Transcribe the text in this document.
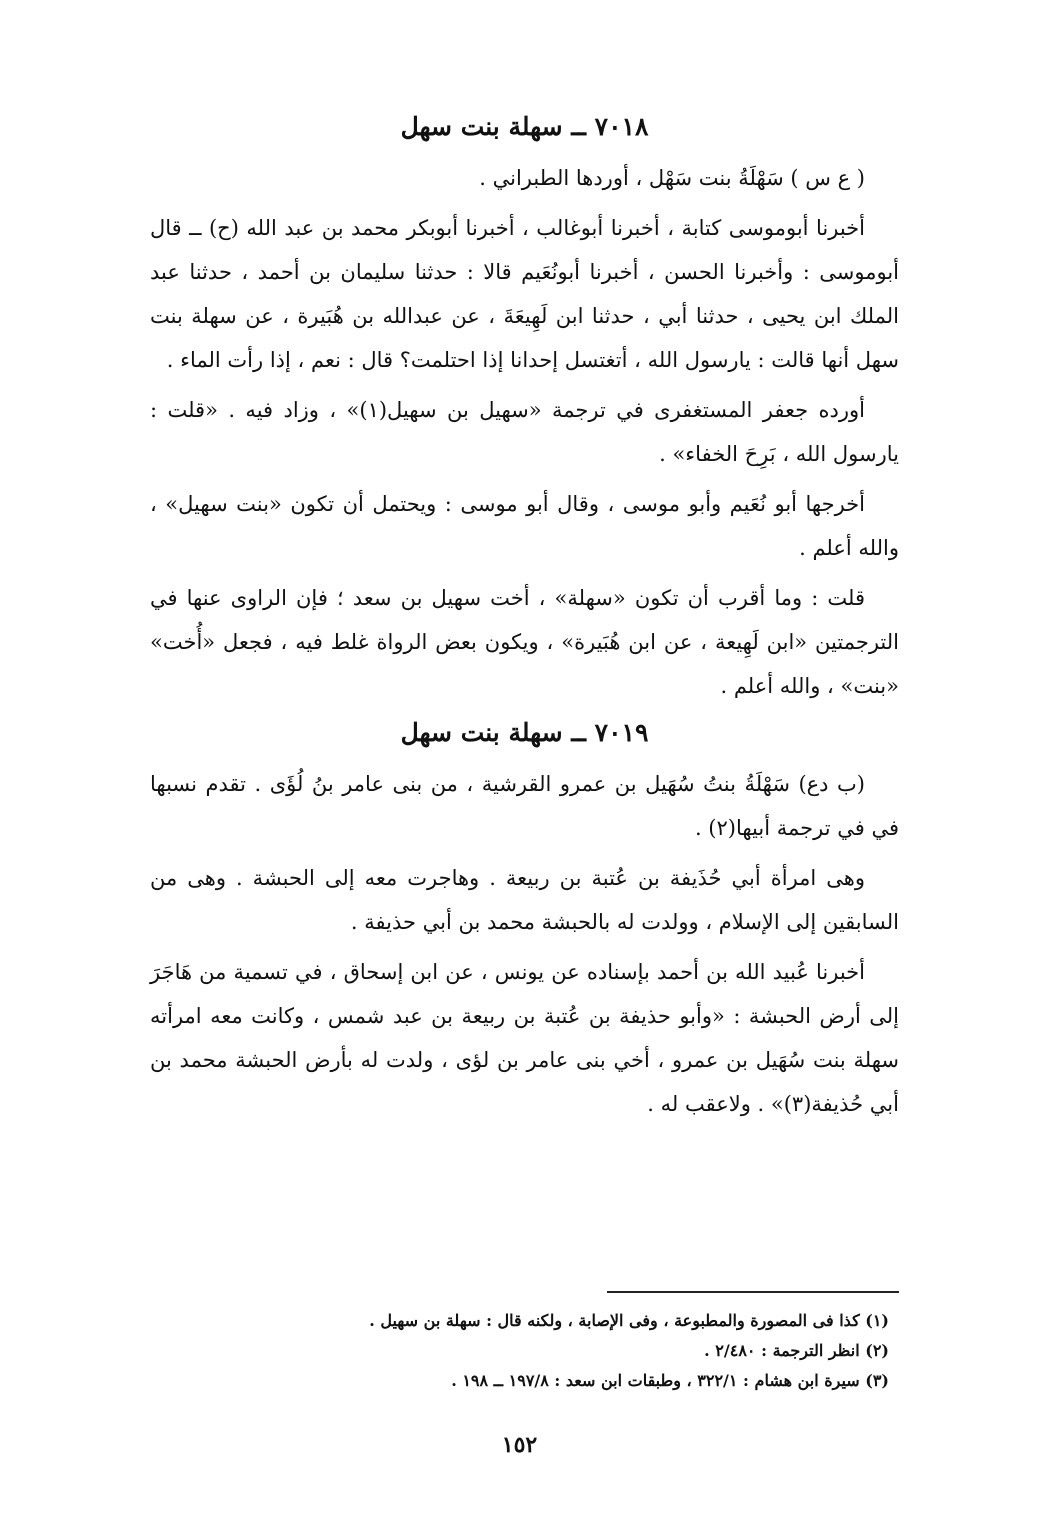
٧٠١٨ ــ سهلة بنت سهل

( ع س ) سَهْلَةُ بنت سَهْل ، أوردها الطبراني .

أخبرنا أبوموسى كتابة ، أخبرنا أبوغالب ، أخبرنا أبوبكر محمد بن عبد الله (ح) ــ قال أبوموسى : وأخبرنا الحسن ، أخبرنا أبونُعَيم قالا : حدثنا سليمان بن أحمد ، حدثنا عبد الملك ابن يحيى ، حدثنا أبي ، حدثنا ابن لَهِيعَةَ ، عن عبدالله بن هُبَيرة ، عن سهلة بنت سهل أنها قالت : يارسول الله ، أتغتسل إحدانا إذا احتلمت؟ قال : نعم ، إذا رأت الماء .

أورده جعفر المستغفرى في ترجمة «سهيل بن سهيل(١)» ، وزاد فيه . «قلت : يارسول الله ، بَرِحَ الخفاء» .

أخرجها أبو نُعَيم وأبو موسى ، وقال أبو موسى : ويحتمل أن تكون «بنت سهيل» ، والله أعلم .

قلت : وما أقرب أن تكون «سهلة» ، أخت سهيل بن سعد ؛ فإن الراوى عنها في الترجمتين «ابن لَهِيعة ، عن ابن هُبَيرة» ، ويكون بعض الرواة غلط فيه ، فجعل «أُخت» «بنت» ، والله أعلم .

٧٠١٩ ــ سهلة بنت سهل

(ب دع) سَهْلَةُ بنتُ سُهَيل بن عمرو القرشية ، من بنى عامر بنُ لُؤَى . تقدم نسبها في في ترجمة أبيها(٢) .

وهى امرأة أبي حُذَيفة بن عُتبة بن ربيعة . وهاجرت معه إلى الحبشة . وهى من السابقين إلى الإسلام ، وولدت له بالحبشة محمد بن أبي حذيفة .

أخبرنا عُبيد الله بن أحمد بإسناده عن يونس ، عن ابن إسحاق ، في تسمية من هَاجَرَ إلى أرض الحبشة : «وأبو حذيفة بن عُتبة بن ربيعة بن عبد شمس ، وكانت معه امرأته سهلة بنت سُهَيل بن عمرو ، أخي بنى عامر بن لؤى ، ولدت له بأرض الحبشة محمد بن أبي حُذيفة(٣)» . ولاعقب له .

(١) كذا فى المصورة والمطبوعة ، وفى الإصابة ، ولكنه قال : سهلة بن سهيل .

(٢) انظر الترجمة : ٢/٤٨٠ .

(٣) سيرة ابن هشام : ٣٢٢/١ ، وطبقات ابن سعد : ١٩٧/٨ ــ ١٩٨ .

١٥٢
